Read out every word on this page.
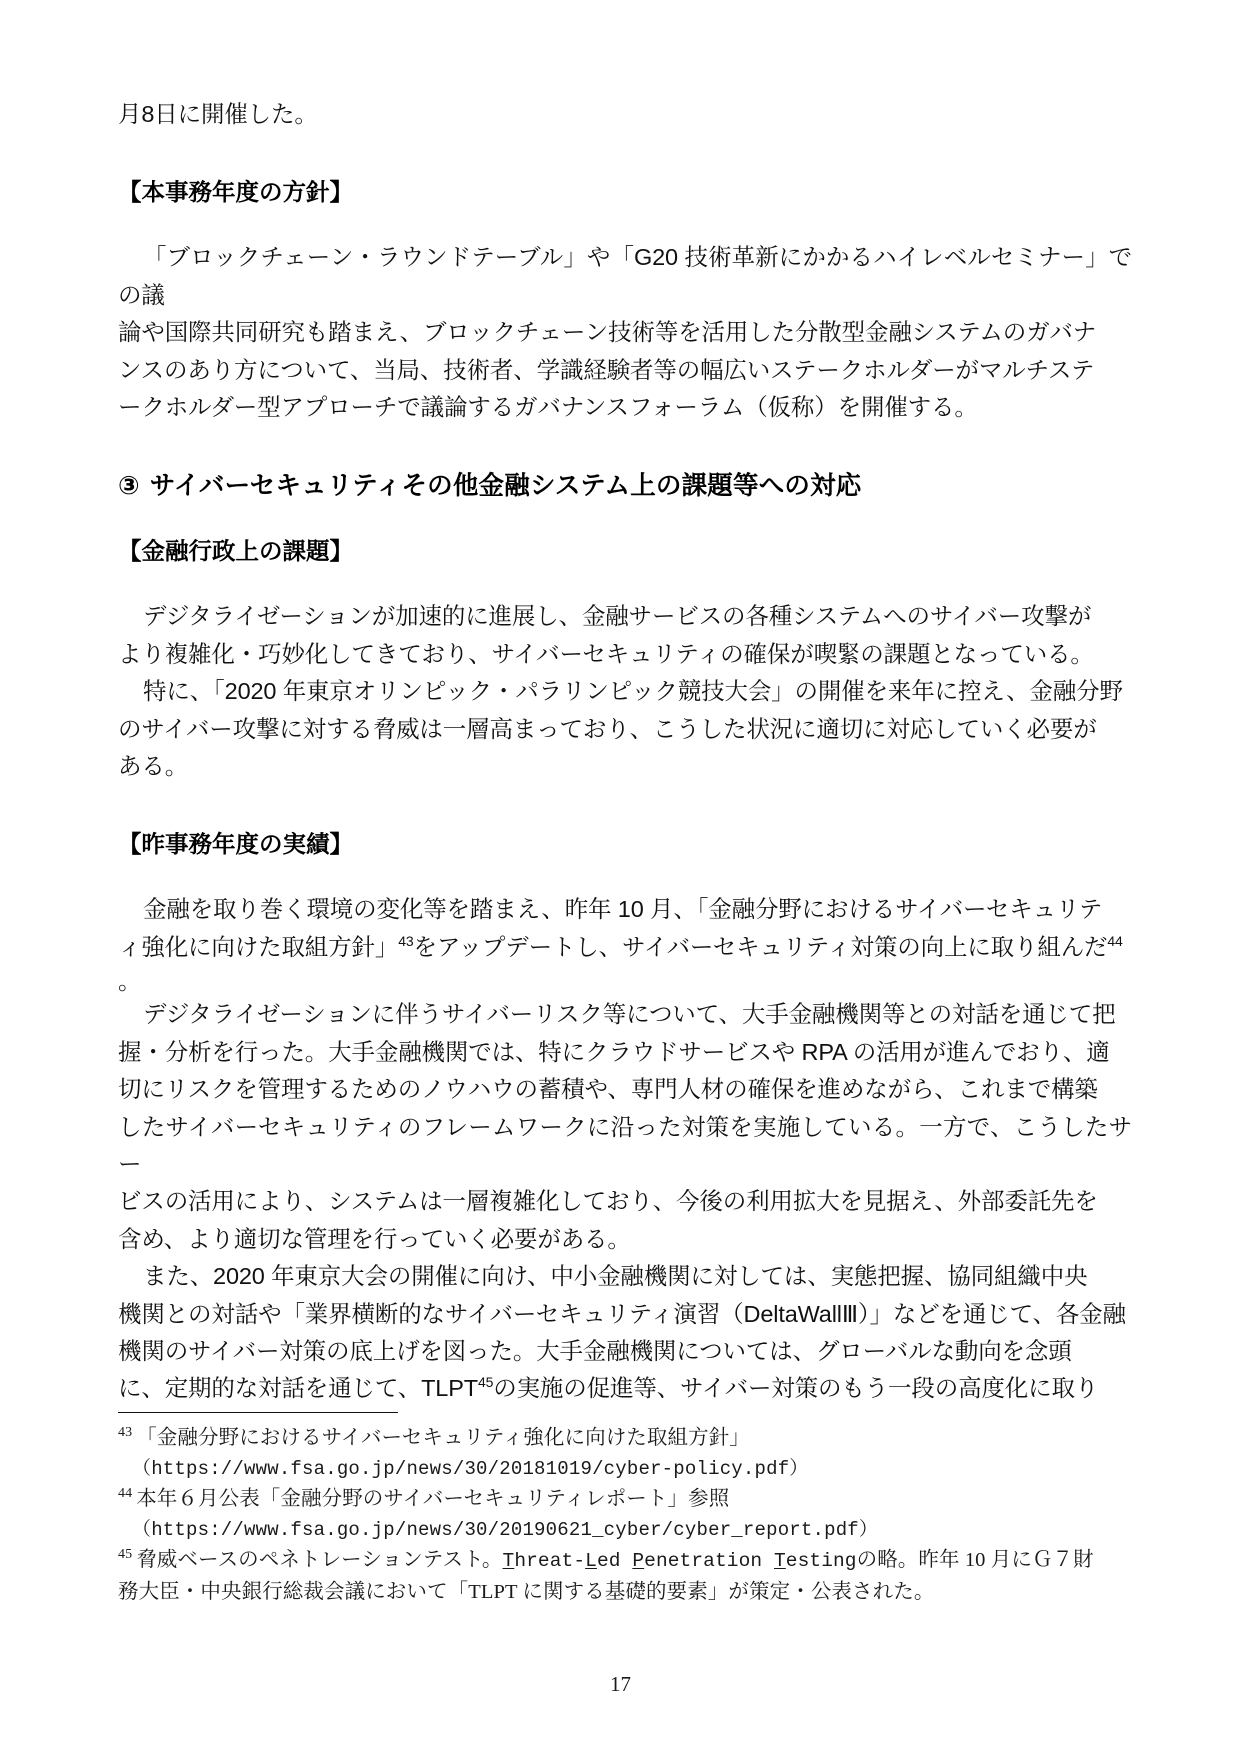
月8日に開催した。

【本事務年度の方針】

「ブロックチェーン・ラウンドテーブル」や「G20 技術革新にかかるハイレベルセミナー」での議

論や国際共同研究も踏まえ、ブロックチェーン技術等を活用した分散型金融システムのガバナ

ンスのあり方について、当局、技術者、学識経験者等の幅広いステークホルダーがマルチステ

ークホルダー型アプローチで議論するガバナンスフォーラム（仮称）を開催する。

③ サイバーセキュリティその他金融システム上の課題等への対応

【金融行政上の課題】

デジタライゼーションが加速的に進展し、金融サービスの各種システムへのサイバー攻撃が

より複雑化・巧妙化してきており、サイバーセキュリティの確保が喫緊の課題となっている。

特に、「2020 年東京オリンピック・パラリンピック競技大会」の開催を来年に控え、金融分野

のサイバー攻撃に対する脅威は一層高まっており、こうした状況に適切に対応していく必要が

ある。

【昨事務年度の実績】

金融を取り巻く環境の変化等を踏まえ、昨年 10 月、「金融分野におけるサイバーセキュリテ

ィ強化に向けた取組方針」$^{43}$をアップデートし、サイバーセキュリティ対策の向上に取り組んだ$^{44}$

。

デジタライゼーションに伴うサイバーリスク等について、大手金融機関等との対話を通じて把

握・分析を行った。大手金融機関では、特にクラウドサービスや RPA の活用が進んでおり、適

切にリスクを管理するためのノウハウの蓄積や、専門人材の確保を進めながら、これまで構築

したサイバーセキュリティのフレームワークに沿った対策を実施している。一方で、こうしたサー

ビスの活用により、システムは一層複雑化しており、今後の利用拡大を見据え、外部委託先を

含め、より適切な管理を行っていく必要がある。

また、2020 年東京大会の開催に向け、中小金融機関に対しては、実態把握、協同組織中央

機関との対話や「業界横断的なサイバーセキュリティ演習（DeltaWallⅢ）」などを通じて、各金融

機関のサイバー対策の底上げを図った。大手金融機関については、グローバルな動向を念頭

に、定期的な対話を通じて、TLPT$^{45}$の実施の促進等、サイバー対策のもう一段の高度化に取り

$^{43}$ 「金融分野におけるサイバーセキュリティ強化に向けた取組方針」

（https://www.fsa.go.jp/news/30/20181019/cyber-policy.pdf）

$^{44}$ 本年６月公表「金融分野のサイバーセキュリティレポート」参照

（https://www.fsa.go.jp/news/30/20190621_cyber/cyber_report.pdf）

$^{45}$ 脅威ベースのペネトレーションテスト。Threat-Led Penetration Testingの略。昨年 10 月にＧ７財

務大臣・中央銀行総裁会議において「TLPT に関する基礎的要素」が策定・公表された。

17
